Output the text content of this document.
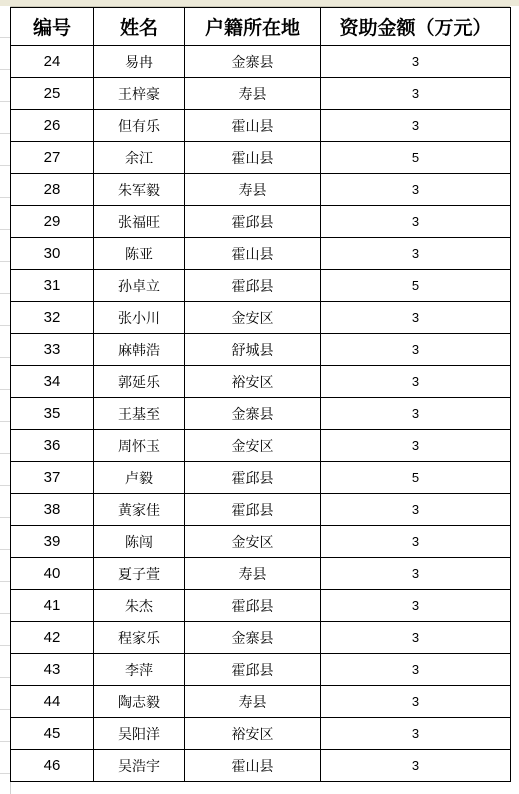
编号	姓名	户籍所在地	资助金额（万元）
24	易冉	金寨县	3
25	王梓豪	寿县	3
26	但有乐	霍山县	3
27	余江	霍山县	5
28	朱军毅	寿县	3
29	张福旺	霍邱县	3
30	陈亚	霍山县	3
31	孙卓立	霍邱县	5
32	张小川	金安区	3
33	麻韩浩	舒城县	3
34	郭延乐	裕安区	3
35	王基至	金寨县	3
36	周怀玉	金安区	3
37	卢毅	霍邱县	5
38	黄家佳	霍邱县	3
39	陈闯	金安区	3
40	夏子萱	寿县	3
41	朱杰	霍邱县	3
42	程家乐	金寨县	3
43	李萍	霍邱县	3
44	陶志毅	寿县	3
45	吴阳洋	裕安区	3
46	吴浩宇	霍山县	3
